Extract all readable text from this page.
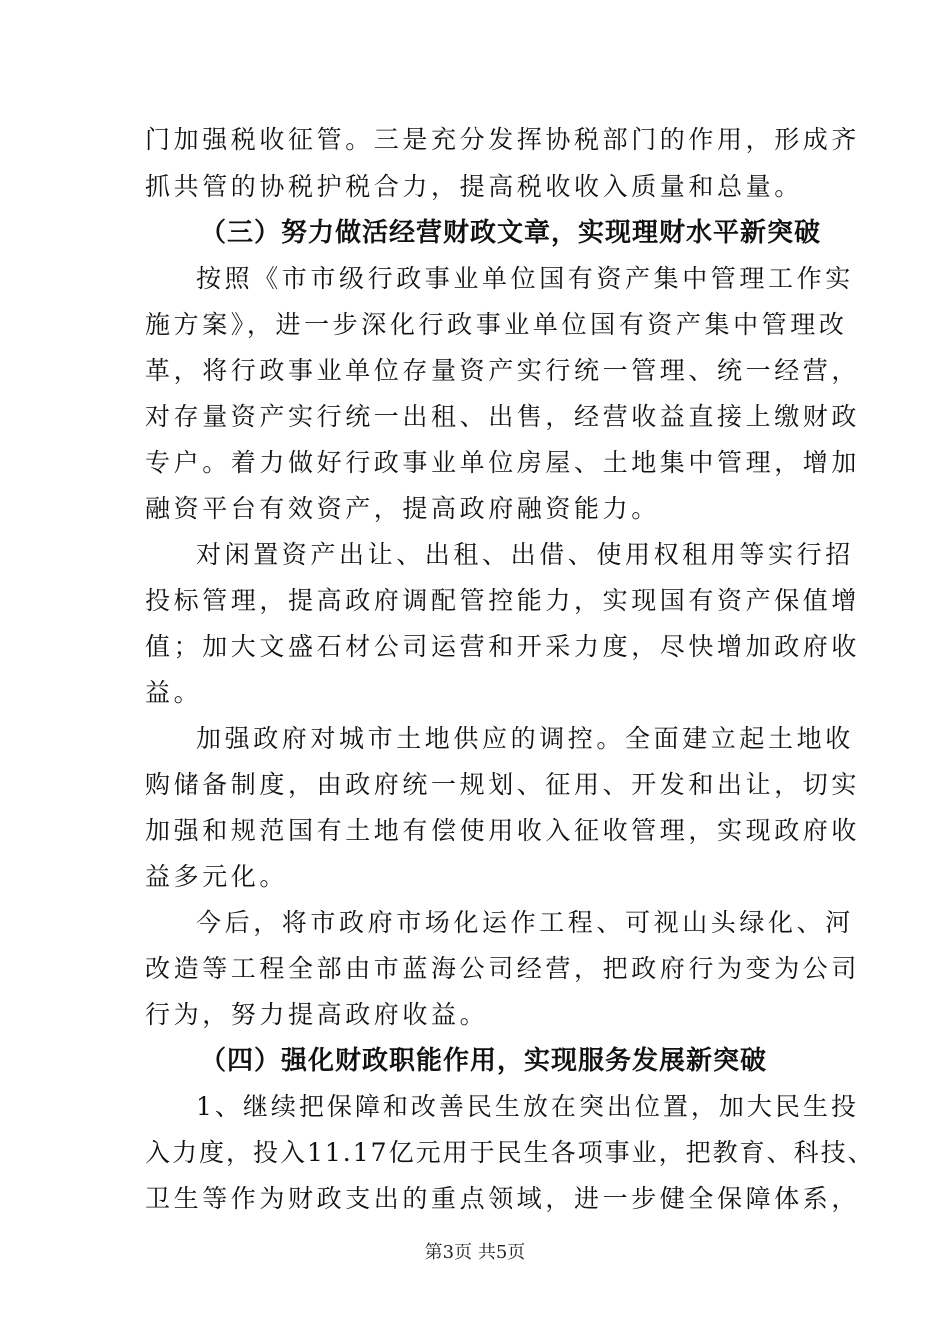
门加强税收征管。三是充分发挥协税部门的作用，形成齐
抓共管的协税护税合力，提高税收收入质量和总量。
（三）努力做活经营财政文章，实现理财水平新突破
按照《市市级行政事业单位国有资产集中管理工作实
施方案》，进一步深化行政事业单位国有资产集中管理改
革，将行政事业单位存量资产实行统一管理、统一经营，
对存量资产实行统一出租、出售，经营收益直接上缴财政
专户。着力做好行政事业单位房屋、土地集中管理，增加
融资平台有效资产，提高政府融资能力。
对闲置资产出让、出租、出借、使用权租用等实行招
投标管理，提高政府调配管控能力，实现国有资产保值增
值；加大文盛石材公司运营和开采力度，尽快增加政府收
益。
加强政府对城市土地供应的调控。全面建立起土地收
购储备制度，由政府统一规划、征用、开发和出让，切实
加强和规范国有土地有偿使用收入征收管理，实现政府收
益多元化。
今后，将市政府市场化运作工程、可视山头绿化、河
改造等工程全部由市蓝海公司经营，把政府行为变为公司
行为，努力提高政府收益。
（四）强化财政职能作用，实现服务发展新突破
1、继续把保障和改善民生放在突出位置，加大民生投
入力度，投入11.17亿元用于民生各项事业，把教育、科技、
卫生等作为财政支出的重点领域，进一步健全保障体系，
第3页 共5页
